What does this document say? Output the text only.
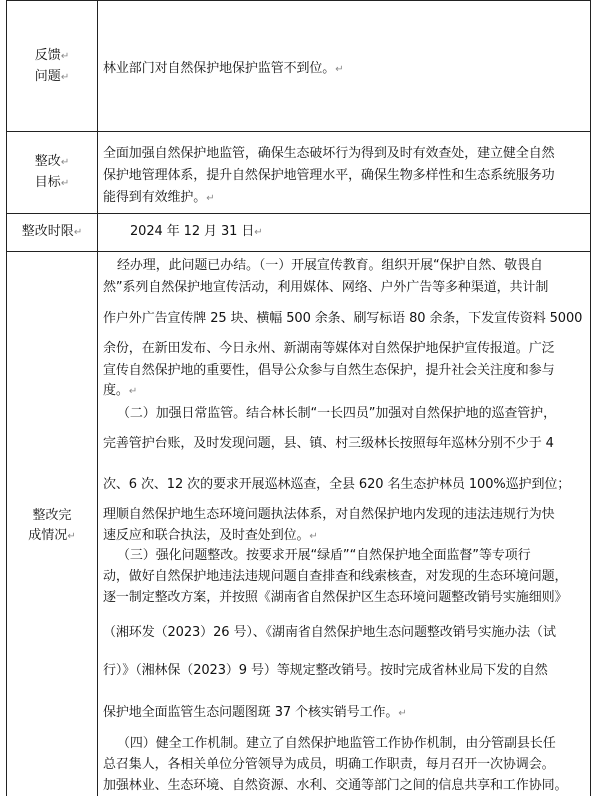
反馈↵
问题↵
林业部门对自然保护地保护监管不到位。↵
整改↵
目标↵
全面加强自然保护地监管，确保生态破坏行为得到及时有效查处，建立健全自然
保护地管理体系，提升自然保护地管理水平，确保生物多样性和生态系统服务功
能得到有效维护。↵
整改时限↵	2024 年 12 月 31 日↵
整改完
成情况↵
经办理，此问题已办结。（一）开展宣传教育。组织开展“保护自然、敬畏自
然”系列自然保护地宣传活动，利用媒体、网络、户外广告等多种渠道，共计制
作户外广告宣传牌 25 块、横幅 500 余条、刷写标语 80 余条，下发宣传资料 5000
余份，在新田发布、今日永州、新湖南等媒体对自然保护地保护宣传报道。广泛
宣传自然保护地的重要性，倡导公众参与自然生态保护，提升社会关注度和参与
度。↵
（二）加强日常监管。结合林长制“一长四员”加强对自然保护地的巡查管护，
完善管护台账，及时发现问题，县、镇、村三级林长按照每年巡林分别不少于 4
次、6 次、12 次的要求开展巡林巡查，全县 620 名生态护林员 100%巡护到位；
理顺自然保护地生态环境问题执法体系，对自然保护地内发现的违法违规行为快
速反应和联合执法，及时查处到位。↵
（三）强化问题整改。按要求开展“绿盾”“自然保护地全面监督”等专项行
动，做好自然保护地违法违规问题自查排查和线索核查，对发现的生态环境问题，
逐一制定整改方案，并按照《湖南省自然保护区生态环境问题整改销号实施细则》
（湘环发（2023）26 号）、《湖南省自然保护地生态问题整改销号实施办法（试
行）》（湘林保（2023）9 号）等规定整改销号。按时完成省林业局下发的自然
保护地全面监管生态问题图斑 37 个核实销号工作。↵
（四）健全工作机制。建立了自然保护地监管工作协作机制，由分管副县长任
总召集人，各相关单位分管领导为成员，明确工作职责，每月召开一次协调会。
加强林业、生态环境、自然资源、水利、交通等部门之间的信息共享和工作协同。
